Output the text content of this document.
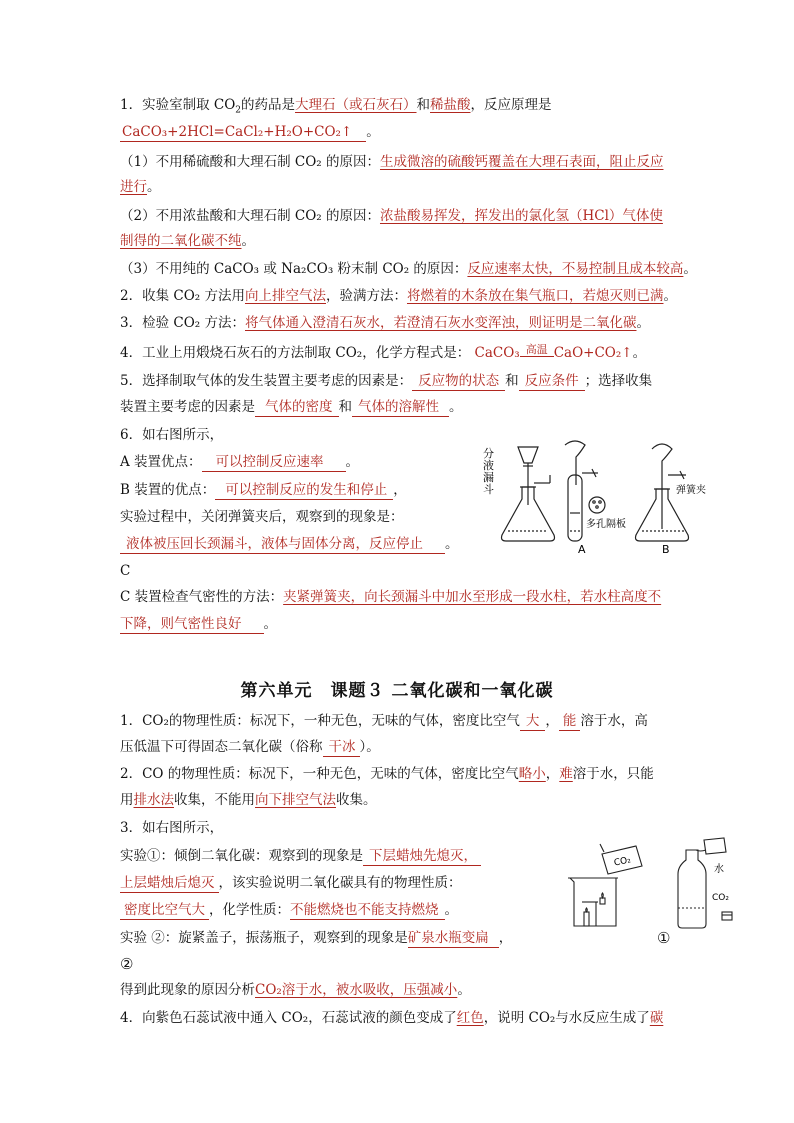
1．实验室制取 $CO_2$的药品是大理石（或石灰石）和稀盐酸，反应原理是
CaCO₃+2HCl=CaCl₂+H₂O+CO₂↑ 。
（1）不用稀硫酸和大理石制 CO₂ 的原因：生成微溶的硫酸钙覆盖在大理石表面，阻止反应
进行。
（2）不用浓盐酸和大理石制 CO₂ 的原因：浓盐酸易挥发，挥发出的氯化氢（HCl）气体使
制得的二氧化碳不纯。
（3）不用纯的 CaCO₃ 或 Na₂CO₃ 粉末制 CO₂ 的原因：反应速率太快，不易控制且成本较高。
2．收集 CO₂ 方法用向上排空气法，验满方法：将燃着的木条放在集气瓶口，若熄灭则已满。
3．检验 CO₂ 方法：将气体通入澄清石灰水，若澄清石灰水变浑浊，则证明是二氧化碳。
4．工业上用煅烧石灰石的方法制取 CO₂，化学方程式是： CaCO₃ 高温 CaO+CO₂↑。
5．选择制取气体的发生装置主要考虑的因素是： 反应物的状态 和 反应条件 ；选择收集
装置主要考虑的因素是 气体的密度 和 气体的溶解性 。
6．如右图所示，
A 装置优点： 可以控制反应速率 。
B 装置的优点： 可以控制反应的发生和停止 ，
实验过程中，关闭弹簧夹后，观察到的现象是：
液体被压回长颈漏斗，液体与固体分离，反应停止 。
C
C 装置检查气密性的方法：夹紧弹簧夹，向长颈漏斗中加水至形成一段水柱，若水柱高度不
下降，则气密性良好 。
分
液
漏
斗
多孔隔板
弹簧夹
A	B
第六单元　课题３ 二氧化碳和一氧化碳
1．CO₂的物理性质：标况下，一种无色，无味的气体，密度比空气 大 ， 能 溶于水，高
压低温下可得固态二氧化碳（俗称 干冰 ）。
2．CO 的物理性质：标况下，一种无色，无味的气体，密度比空气略小，难溶于水，只能
用排水法收集，不能用向下排空气法收集。
3．如右图所示，
实验①：倾倒二氧化碳：观察到的现象是 下层蜡烛先熄灭，
上层蜡烛后熄灭 ，该实验说明二氧化碳具有的物理性质：
密度比空气大 ，化学性质：不能燃烧也不能支持燃烧 。
实验 ②：旋紧盖子，振荡瓶子，观察到的现象是矿泉水瓶变扁 ，	①
②
得到此现象的原因分析CO₂溶于水，被水吸收，压强减小。
4．向紫色石蕊试液中通入 CO₂，石蕊试液的颜色变成了红色，说明 CO₂与水反应生成了碳
CO₂
水
CO₂
